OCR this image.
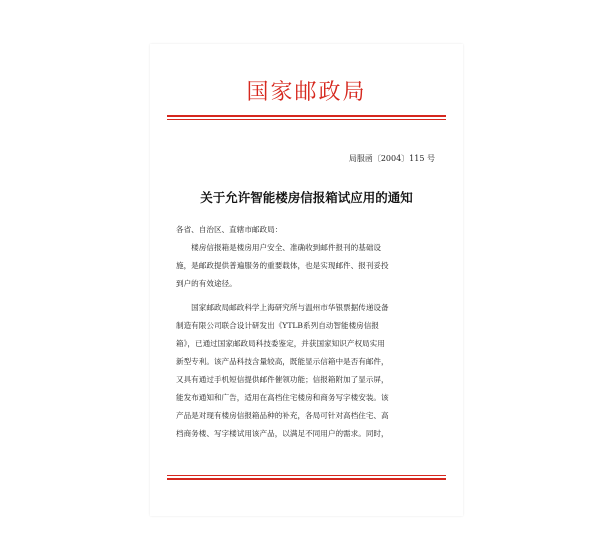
国家邮政局
局服函〔2004〕115 号
关于允许智能楼房信报箱试应用的通知
各省、自治区、直辖市邮政局：
　　楼房信报箱是楼房用户安全、准确收到邮件报刊的基础设
施，是邮政提供普遍服务的重要载体，也是实现邮件、报刊妥投
到户的有效途径。
　　国家邮政局邮政科学上海研究所与温州市华银票据传递设备
制造有限公司联合设计研发出《YTLB系列自动智能楼房信报
箱》，已通过国家邮政局科技委鉴定，并获国家知识产权局实用
新型专利。该产品科技含量较高，既能显示信箱中是否有邮件，
又具有通过手机短信提供邮件催领功能；信报箱附加了显示屏，
能发布通知和广告，适用在高档住宅楼房和商务写字楼安装。该
产品是对现有楼房信报箱品种的补充，各局可针对高档住宅、高
档商务楼、写字楼试用该产品，以满足不同用户的需求。同时，
